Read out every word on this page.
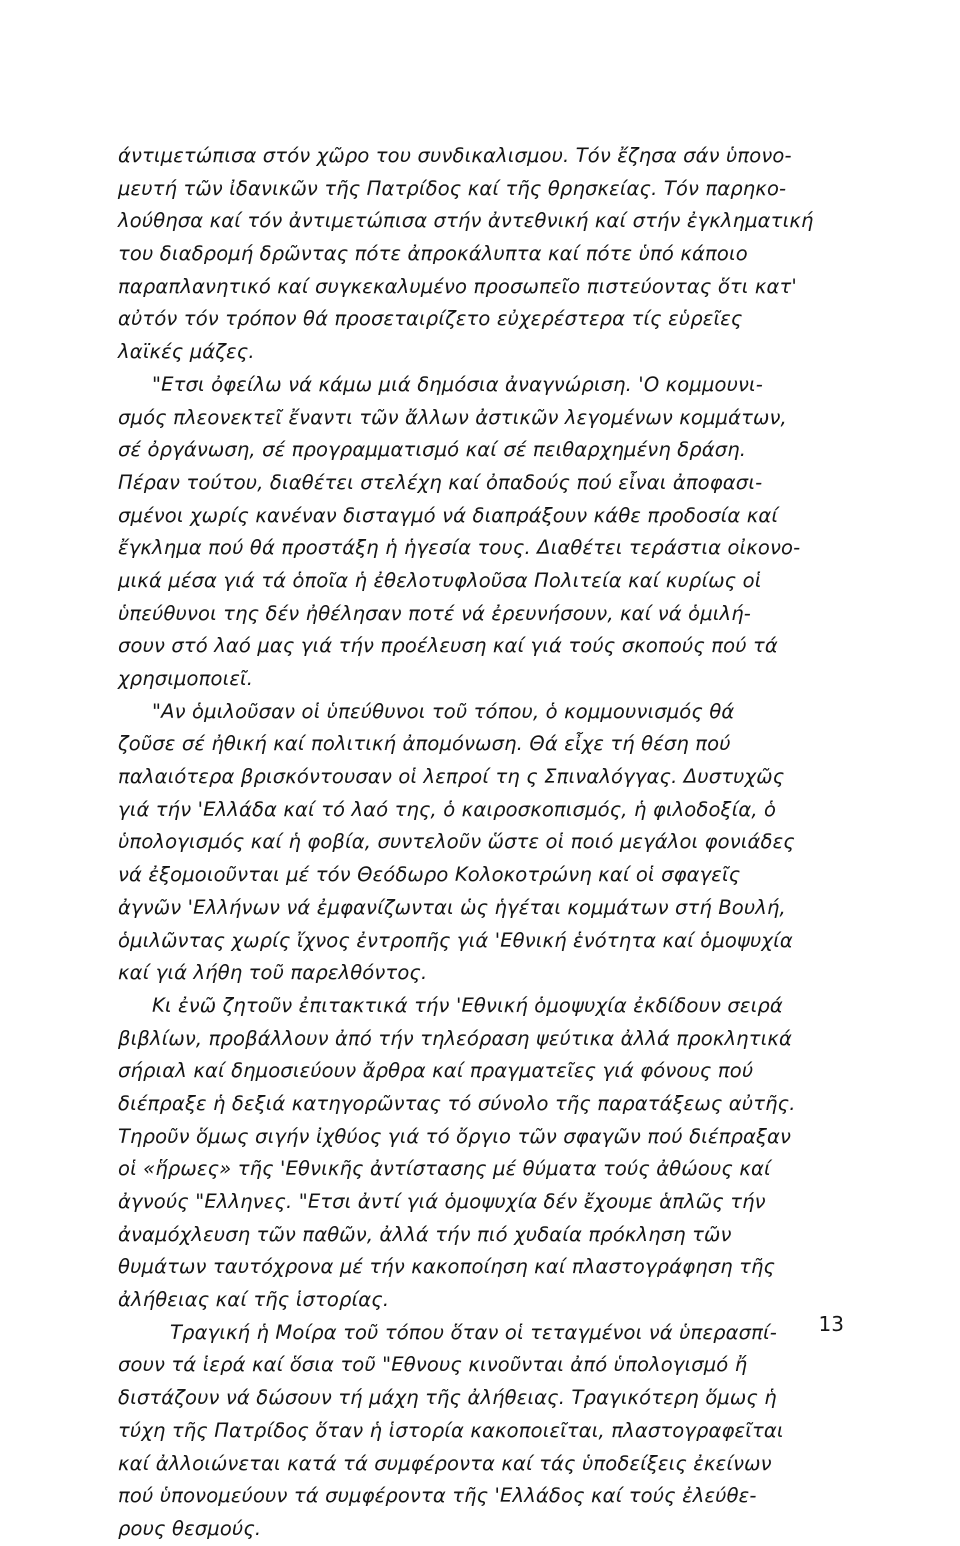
άντιμετώπισα στόν χῶρο του συνδικαλισμου. Τόν ἔζησα σάν ὑπονο-
μευτή τῶν ἰδανικῶν τῆς Πατρίδος καί τῆς θρησκείας. Τόν παρηκο-
λούθησα καί τόν ἀντιμετώπισα στήν ἀντεθνική καί στήν ἐγκληματική
του διαδρομή δρῶντας πότε ἀπροκάλυπτα καί πότε ὑπό κάποιο
παραπλανητικό καί συγκεκαλυμένο προσωπεῖο πιστεύοντας ὅτι κατ'
αὐτόν τόν τρόπον θά προσεταιρίζετο εὐχερέστερα τίς εὑρεῖες
λαϊκές μάζες.
"Ετσι ὀφείλω νά κάμω μιά δημόσια ἀναγνώριση. 'Ο κομμουνι-
σμός πλεονεκτεῖ ἔναντι τῶν ἄλλων ἀστικῶν λεγομένων κομμάτων,
σέ ὀργάνωση, σέ προγραμματισμό καί σέ πειθαρχημένη δράση.
Πέραν τούτου, διαθέτει στελέχη καί ὀπαδούς πού εἶναι ἀποφασι-
σμένοι χωρίς κανέναν δισταγμό νά διαπράξουν κάθε προδοσία καί
ἔγκλημα πού θά προστάξη ἡ ἡγεσία τους. Διαθέτει τεράστια οἰκονο-
μικά μέσα γιά τά ὁποῖα ἡ ἐθελοτυφλοῦσα Πολιτεία καί κυρίως οἱ
ὑπεύθυνοι της δέν ἠθέλησαν ποτέ νά ἐρευνήσουν, καί νά ὁμιλή-
σουν στό λαό μας γιά τήν προέλευση καί γιά τούς σκοπούς πού τά
χρησιμοποιεῖ.
"Αν ὁμιλοῦσαν οἱ ὑπεύθυνοι τοῦ τόπου, ὁ κομμουνισμός θά
ζοῦσε σέ ἠθική καί πολιτική ἀπομόνωση. Θά εἶχε τή θέση πού
παλαιότερα βρισκόντουσαν οἱ λεπροί τη ς Σπιναλόγγας. Δυστυχῶς
γιά τήν 'Ελλάδα καί τό λαό της, ὁ καιροσκοπισμός, ἡ φιλοδοξία, ὁ
ὑπολογισμός καί ἡ φοβία, συντελοῦν ὥστε οἱ ποιό μεγάλοι φονιάδες
νά ἐξομοιοῦνται μέ τόν Θεόδωρο Κολοκοτρώνη καί οἱ σφαγεῖς
ἀγνῶν 'Ελλήνων νά ἐμφανίζωνται ὡς ἡγέται κομμάτων στή Βουλή,
ὁμιλῶντας χωρίς ἴχνος ἐντροπῆς γιά 'Εθνική ἑνότητα καί ὁμοψυχία
καί γιά λήθη τοῦ παρελθόντος.
Κι ἐνῶ ζητοῦν ἐπιτακτικά τήν 'Εθνική ὁμοψυχία ἐκδίδουν σειρά
βιβλίων, προβάλλουν ἀπό τήν τηλεόραση ψεύτικα ἀλλά προκλητικά
σήριαλ καί δημοσιεύουν ἄρθρα καί πραγματεῖες γιά φόνους πού
διέπραξε ἡ δεξιά κατηγορῶντας τό σύνολο τῆς παρατάξεως αὐτῆς.
Τηροῦν ὅμως σιγήν ἰχθύος γιά τό ὄργιο τῶν σφαγῶν πού διέπραξαν
οἱ «ἥρωες» τῆς 'Εθνικῆς ἀντίστασης μέ θύματα τούς ἀθώους καί
ἀγνούς "Ελληνες. "Ετσι ἀντί γιά ὁμοψυχία δέν ἔχουμε ἁπλῶς τήν
ἀναμόχλευση τῶν παθῶν, ἀλλά τήν πιό χυδαία πρόκληση τῶν
θυμάτων ταυτόχρονα μέ τήν κακοποίηση καί πλαστογράφηση τῆς
ἀλήθειας καί τῆς ἱστορίας.
Τραγική ἡ Μοίρα τοῦ τόπου ὅταν οἱ τεταγμένοι νά ὑπερασπί-
σουν τά ἱερά καί ὅσια τοῦ "Εθνους κινοῦνται ἀπό ὑπολογισμό ἤ
διστάζουν νά δώσουν τή μάχη τῆς ἀλήθειας. Τραγικότερη ὅμως ἡ
τύχη τῆς Πατρίδος ὅταν ἡ ἱστορία κακοποιεῖται, πλαστογραφεῖται
καί ἀλλοιώνεται κατά τά συμφέροντα καί τάς ὑποδείξεις ἐκείνων
πού ὑπονομεύουν τά συμφέροντα τῆς 'Ελλάδος καί τούς ἐλεύθε-
ρους θεσμούς.
13
